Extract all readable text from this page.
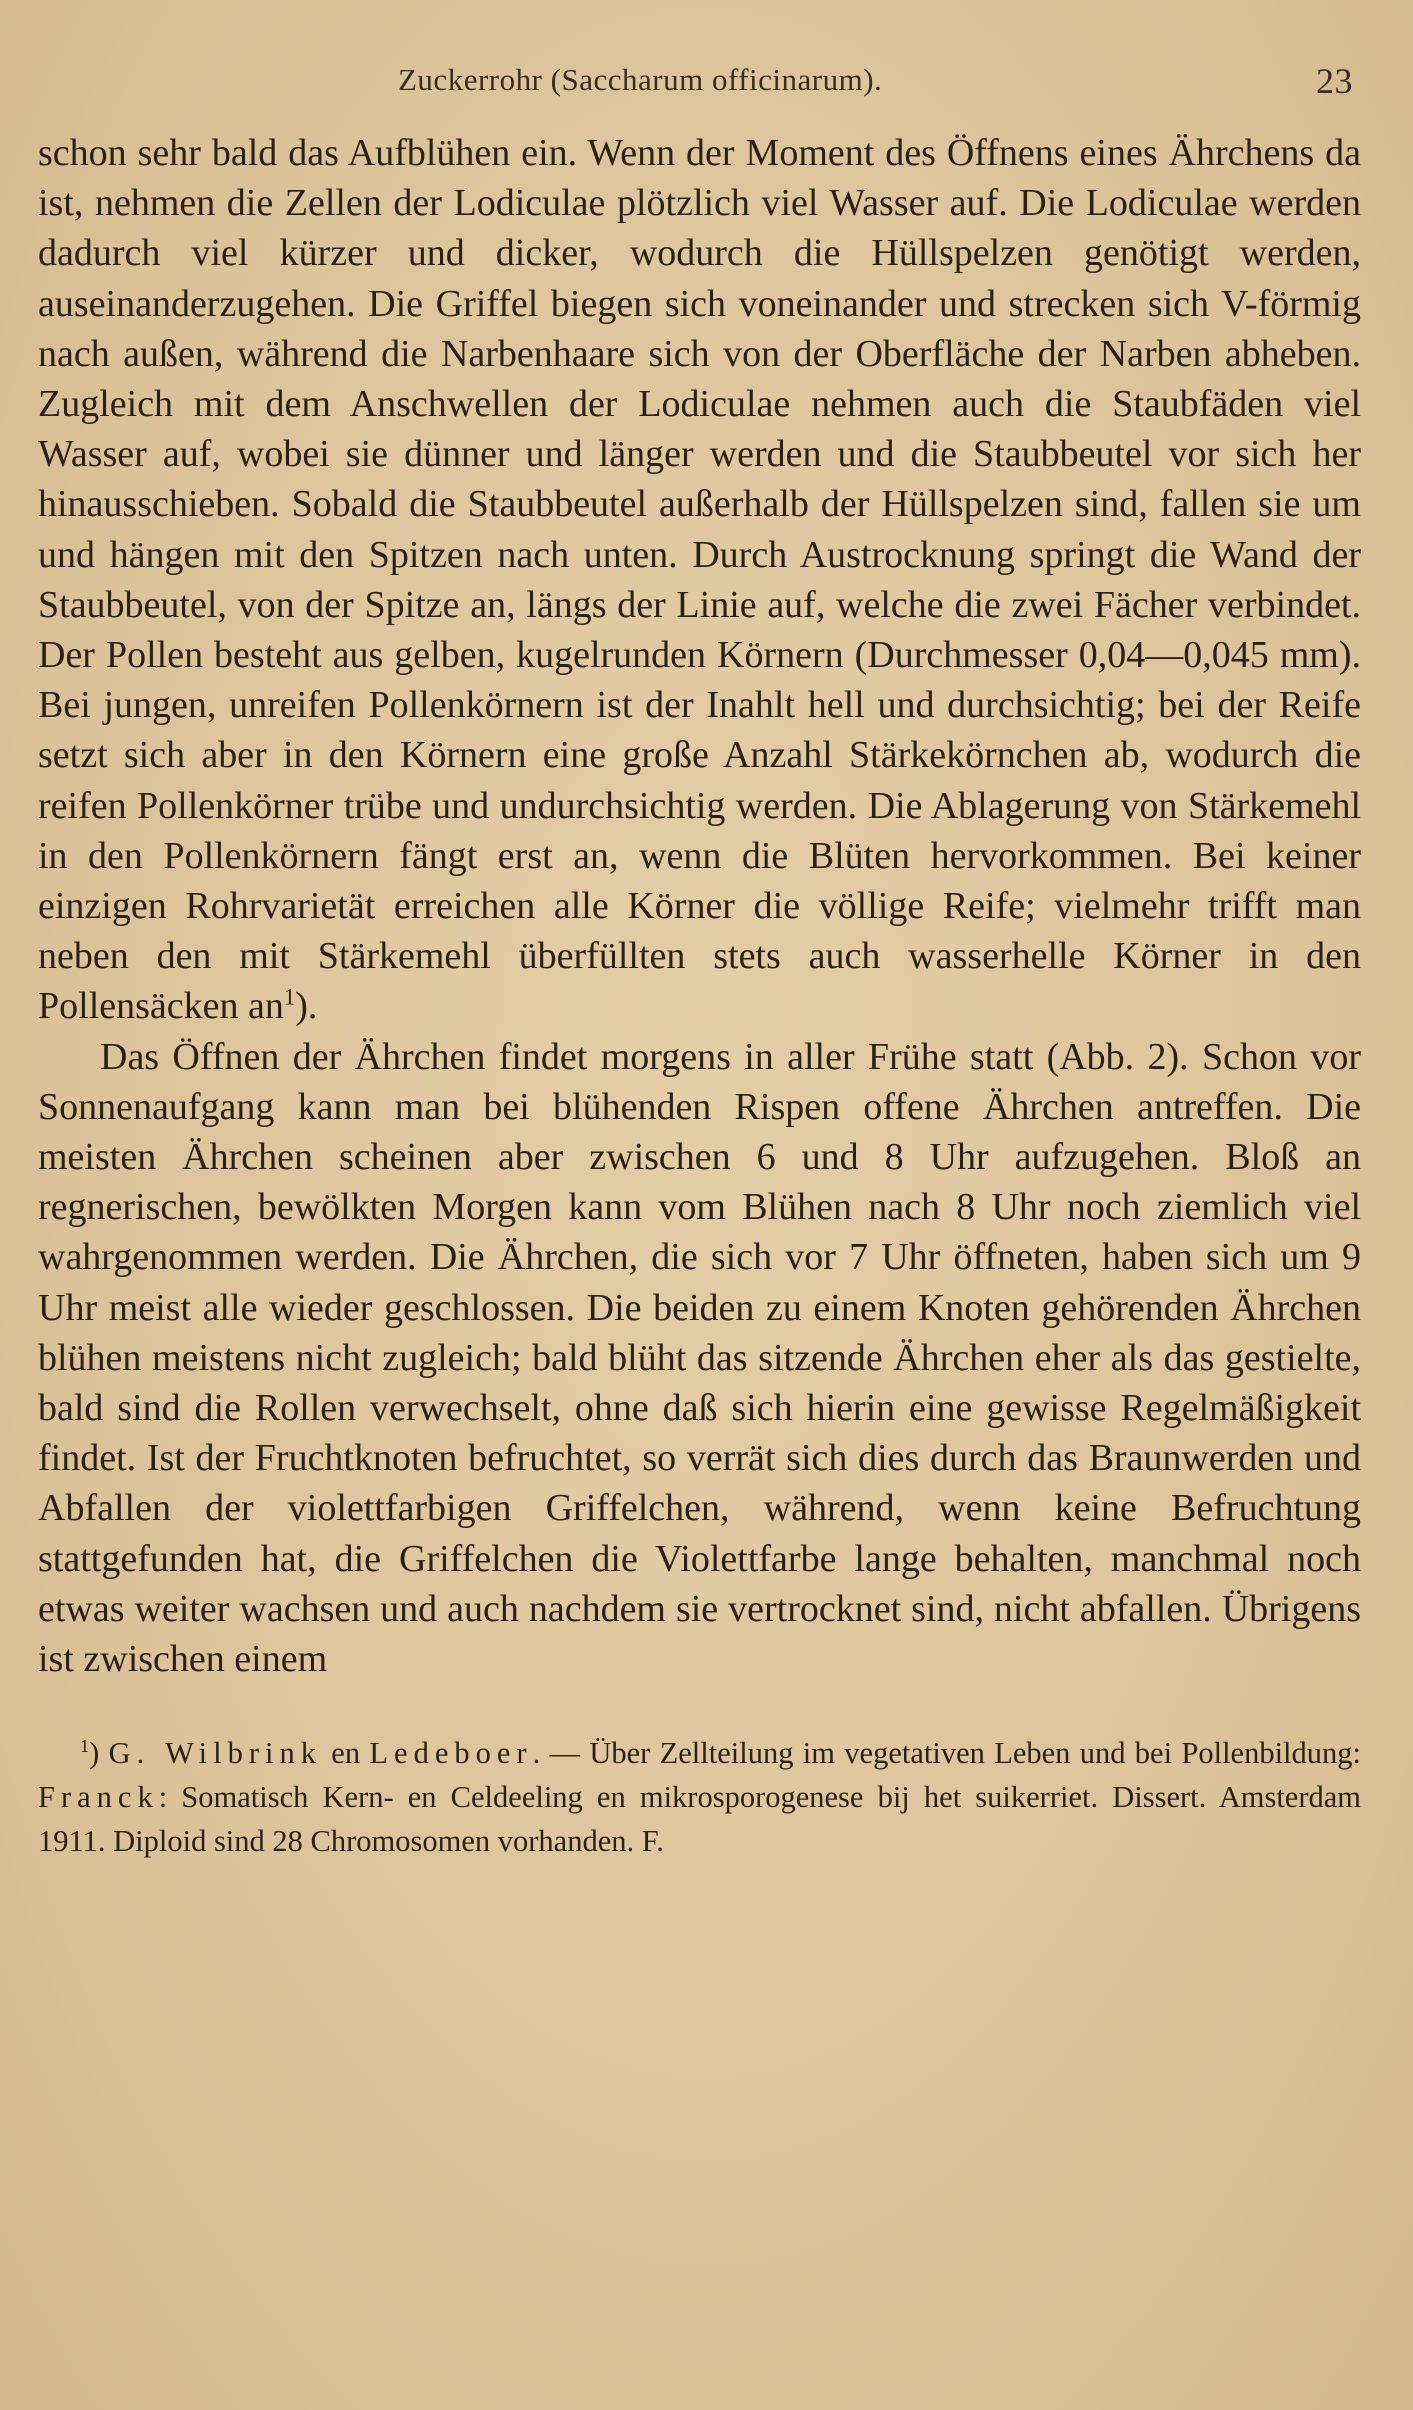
Zuckerrohr (Saccharum officinarum).	23

schon sehr bald das Aufblühen ein. Wenn der Moment des Öffnens eines Ährchens da ist, nehmen die Zellen der Lodiculae plötzlich viel Wasser auf. Die Lodiculae werden dadurch viel kürzer und dicker, wodurch die Hüllspelzen genötigt werden, auseinanderzugehen. Die Griffel biegen sich voneinander und strecken sich V-förmig nach außen, während die Narbenhaare sich von der Oberfläche der Narben abheben. Zugleich mit dem Anschwellen der Lodiculae nehmen auch die Staubfäden viel Wasser auf, wobei sie dünner und länger werden und die Staubbeutel vor sich her hinausschieben. Sobald die Staubbeutel außerhalb der Hüllspelzen sind, fallen sie um und hängen mit den Spitzen nach unten. Durch Austrocknung springt die Wand der Staubbeutel, von der Spitze an, längs der Linie auf, welche die zwei Fächer verbindet. Der Pollen besteht aus gelben, kugelrunden Körnern (Durchmesser 0,04—0,045 mm). Bei jungen, unreifen Pollenkörnern ist der Inahlt hell und durchsichtig; bei der Reife setzt sich aber in den Körnern eine große Anzahl Stärkekörnchen ab, wodurch die reifen Pollenkörner trübe und undurchsichtig werden. Die Ablagerung von Stärkemehl in den Pollenkörnern fängt erst an, wenn die Blüten hervorkommen. Bei keiner einzigen Rohrvarietät erreichen alle Körner die völlige Reife; vielmehr trifft man neben den mit Stärkemehl überfüllten stets auch wasserhelle Körner in den Pollensäcken an$^1$).

Das Öffnen der Ährchen findet morgens in aller Frühe statt (Abb. 2). Schon vor Sonnenaufgang kann man bei blühenden Rispen offene Ährchen antreffen. Die meisten Ährchen scheinen aber zwischen 6 und 8 Uhr aufzugehen. Bloß an regnerischen, bewölkten Morgen kann vom Blühen nach 8 Uhr noch ziemlich viel wahrgenommen werden. Die Ährchen, die sich vor 7 Uhr öffneten, haben sich um 9 Uhr meist alle wieder geschlossen. Die beiden zu einem Knoten gehörenden Ährchen blühen meistens nicht zugleich; bald blüht das sitzende Ährchen eher als das gestielte, bald sind die Rollen verwechselt, ohne daß sich hierin eine gewisse Regelmäßigkeit findet. Ist der Fruchtknoten befruchtet, so verrät sich dies durch das Braunwerden und Abfallen der violettfarbigen Griffelchen, während, wenn keine Befruchtung stattgefunden hat, die Griffelchen die Violettfarbe lange behalten, manchmal noch etwas weiter wachsen und auch nachdem sie vertrocknet sind, nicht abfallen. Übrigens ist zwischen einem

$^1$) G. Wilbrink en Ledeboer. — Über Zellteilung im vegetativen Leben und bei Pollenbildung: Franck: Somatisch Kern- en Celdeeling en mikrosporogenese bij het suikerriet. Dissert. Amsterdam 1911. Diploid sind 28 Chromosomen vorhanden. F.
